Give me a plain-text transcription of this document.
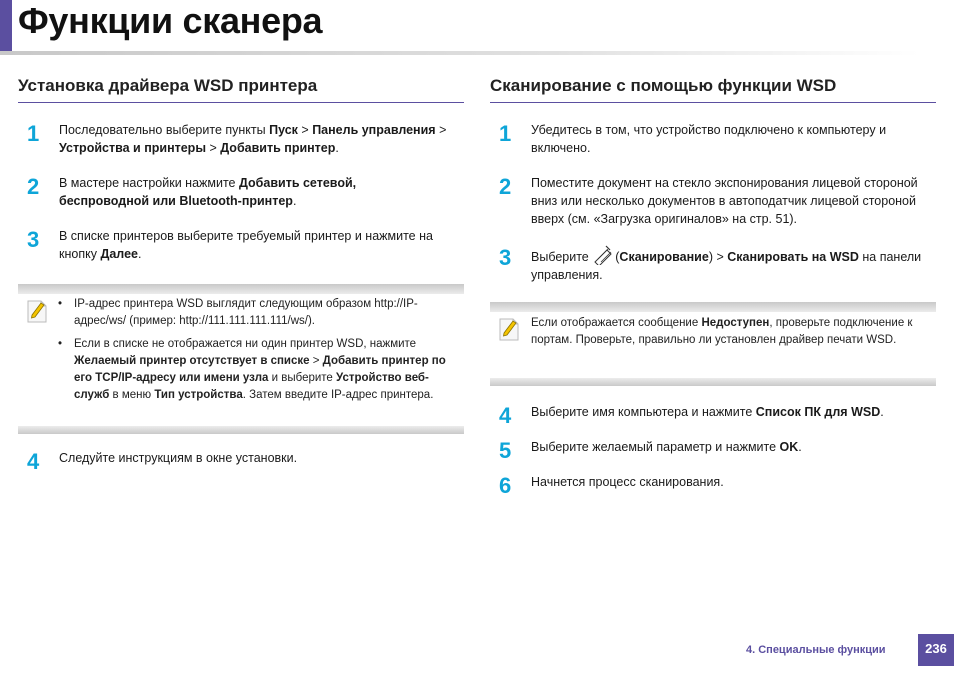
Функции сканера
Установка драйвера WSD принтера
1 Последовательно выберите пункты Пуск > Панель управления > Устройства и принтеры > Добавить принтер.
2 В мастере настройки нажмите Добавить сетевой, беспроводной или Bluetooth-принтер.
3 В списке принтеров выберите требуемый принтер и нажмите на кнопку Далее.
• IP-адрес принтера WSD выглядит следующим образом http://IP-адрес/ws/ (пример: http://111.111.111.111/ws/).
• Если в списке не отображается ни один принтер WSD, нажмите Желаемый принтер отсутствует в списке > Добавить принтер по его TCP/IP-адресу или имени узла и выберите Устройство веб-служб в меню Тип устройства. Затем введите IP-адрес принтера.
4 Следуйте инструкциям в окне установки.
Сканирование с помощью функции WSD
1 Убедитесь в том, что устройство подключено к компьютеру и включено.
2 Поместите документ на стекло экспонирования лицевой стороной вниз или несколько документов в автоподатчик лицевой стороной вверх (см. «Загрузка оригиналов» на стр. 51).
3 Выберите (Сканирование) > Сканировать на WSD на панели управления.
Если отображается сообщение Недоступен, проверьте подключение к портам. Проверьте, правильно ли установлен драйвер печати WSD.
4 Выберите имя компьютера и нажмите Список ПК для WSD.
5 Выберите желаемый параметр и нажмите OK.
6 Начнется процесс сканирования.
4. Специальные функции	236
